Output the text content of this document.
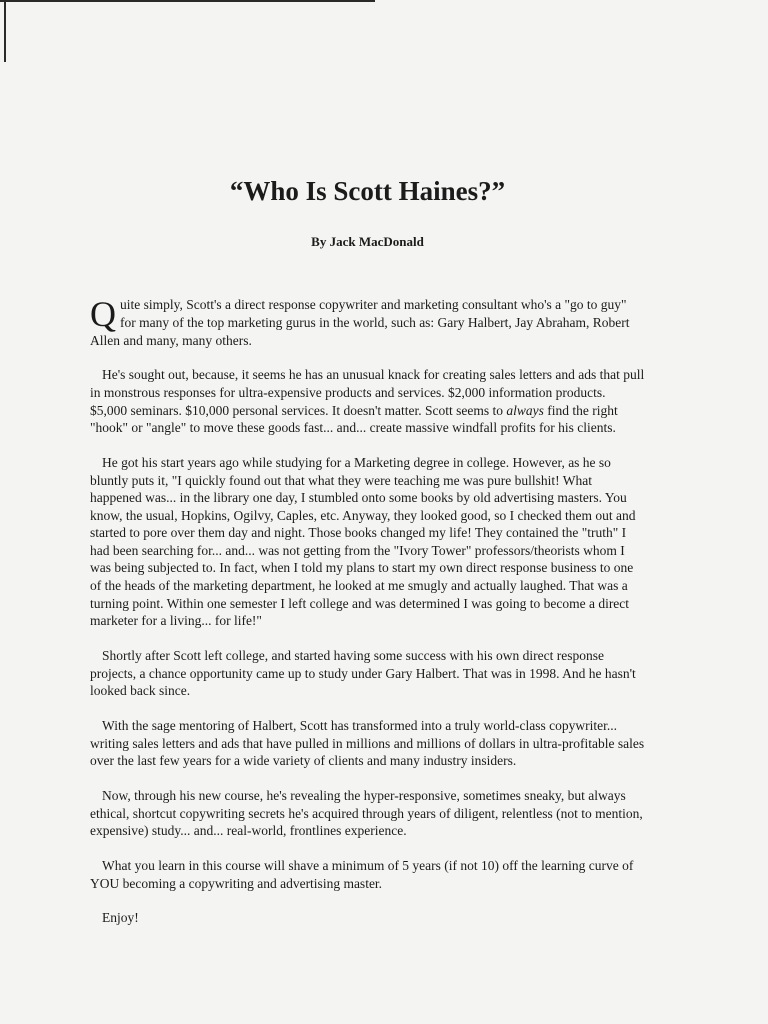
“Who Is Scott Haines?”
By Jack MacDonald

Quite simply, Scott's a direct response copywriter and marketing consultant who's a "go to guy" for many of the top marketing gurus in the world, such as: Gary Halbert, Jay Abraham, Robert Allen and many, many others.

He's sought out, because, it seems he has an unusual knack for creating sales letters and ads that pull in monstrous responses for ultra-expensive products and services. $2,000 information products. $5,000 seminars. $10,000 personal services. It doesn't matter. Scott seems to always find the right "hook" or "angle" to move these goods fast... and... create massive windfall profits for his clients.

He got his start years ago while studying for a Marketing degree in college. However, as he so bluntly puts it, "I quickly found out that what they were teaching me was pure bullshit! What happened was... in the library one day, I stumbled onto some books by old advertising masters. You know, the usual, Hopkins, Ogilvy, Caples, etc. Anyway, they looked good, so I checked them out and started to pore over them day and night. Those books changed my life! They contained the "truth" I had been searching for... and... was not getting from the "Ivory Tower" professors/theorists whom I was being subjected to. In fact, when I told my plans to start my own direct response business to one of the heads of the marketing department, he looked at me smugly and actually laughed. That was a turning point. Within one semester I left college and was determined I was going to become a direct marketer for a living... for life!"

Shortly after Scott left college, and started having some success with his own direct response projects, a chance opportunity came up to study under Gary Halbert. That was in 1998. And he hasn't looked back since.

With the sage mentoring of Halbert, Scott has transformed into a truly world-class copywriter... writing sales letters and ads that have pulled in millions and millions of dollars in ultra-profitable sales over the last few years for a wide variety of clients and many industry insiders.

Now, through his new course, he's revealing the hyper-responsive, sometimes sneaky, but always ethical, shortcut copywriting secrets he's acquired through years of diligent, relentless (not to mention, expensive) study... and... real-world, frontlines experience.

What you learn in this course will shave a minimum of 5 years (if not 10) off the learning curve of YOU becoming a copywriting and advertising master.

Enjoy!
